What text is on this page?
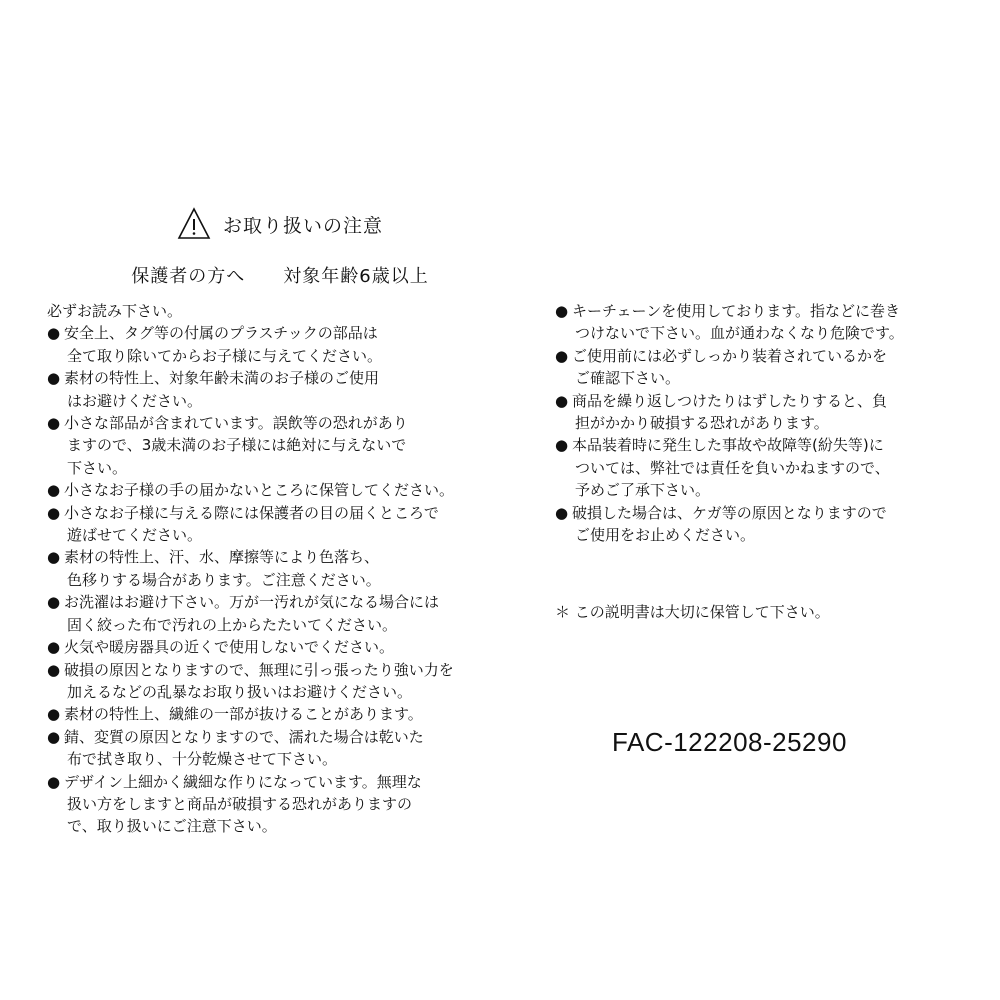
お取り扱いの注意
保護者の方へ 対象年齢6歳以上

必ずお読み下さい。

● 安全上、タグ等の付属のプラスチックの部品は
全て取り除いてからお子様に与えてください。
● 素材の特性上、対象年齢未満のお子様のご使用
はお避けください。
● 小さな部品が含まれています。誤飲等の恐れがあり
ますので、3歳未満のお子様には絶対に与えないで
下さい。
● 小さなお子様の手の届かないところに保管してください。
● 小さなお子様に与える際には保護者の目の届くところで
遊ばせてください。
● 素材の特性上、汗、水、摩擦等により色落ち、
色移りする場合があります。ご注意ください。
● お洗濯はお避け下さい。万が一汚れが気になる場合には
固く絞った布で汚れの上からたたいてください。
● 火気や暖房器具の近くで使用しないでください。
● 破損の原因となりますので、無理に引っ張ったり強い力を
加えるなどの乱暴なお取り扱いはお避けください。
● 素材の特性上、繊維の一部が抜けることがあります。
● 錆、変質の原因となりますので、濡れた場合は乾いた
布で拭き取り、十分乾燥させて下さい。
● デザイン上細かく繊細な作りになっています。無理な
扱い方をしますと商品が破損する恐れがありますの
で、取り扱いにご注意下さい。
● キーチェーンを使用しております。指などに巻き
つけないで下さい。血が通わなくなり危険です。
● ご使用前には必ずしっかり装着されているかを
ご確認下さい。
● 商品を繰り返しつけたりはずしたりすると、負
担がかかり破損する恐れがあります。
● 本品装着時に発生した事故や故障等(紛失等)に
ついては、弊社では責任を負いかねますので、
予めご了承下さい。
● 破損した場合は、ケガ等の原因となりますので
ご使用をお止めください。
＊ この説明書は大切に保管して下さい。
FAC-122208-25290
